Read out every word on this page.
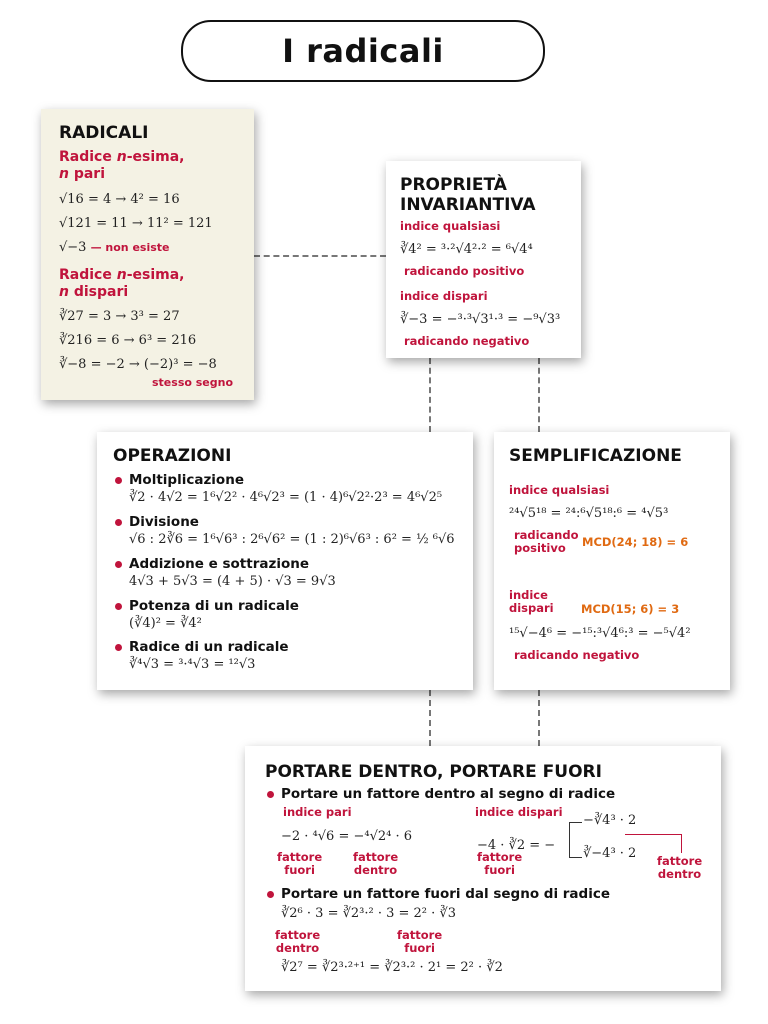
I radicali
RADICALI
Radice n-esima,
n pari
√16 = 4 → 4² = 16
√121 = 11 → 11² = 121
√−3 — non esiste
Radice n-esima,
n dispari
∛27 = 3 → 3³ = 27
∛216 = 6 → 6³ = 216
∛−8 = −2 → (−2)³ = −8
stesso segno
PROPRIETÀ
INVARIANTIVA
indice qualsiasi
∛4² = ³·²√4²·² = ⁶√4⁴
radicando positivo
indice dispari
∛−3 = −³·³√3¹·³ = −⁹√3³
radicando negativo
OPERAZIONI
Moltiplicazione
∛2 · 4√2 = 1⁶√2² · 4⁶√2³ = (1 · 4)⁶√2²·2³ = 4⁶√2⁵
Divisione
√6 : 2∛6 = 1⁶√6³ : 2⁶√6² = (1 : 2)⁶√6³ : 6² = ½ ⁶√6
Addizione e sottrazione
4√3 + 5√3 = (4 + 5) · √3 = 9√3
Potenza di un radicale
(∛4)² = ∛4²
Radice di un radicale
∛⁴√3 = ³·⁴√3 = ¹²√3
SEMPLIFICAZIONE
indice qualsiasi
²⁴√5¹⁸ = ²⁴:⁶√5¹⁸:⁶ = ⁴√5³
radicando
positivo	MCD(24; 18) = 6
indice
dispari MCD(15; 6) = 3
¹⁵√−4⁶ = −¹⁵:³√4⁶:³ = −⁵√4²
radicando negativo
PORTARE DENTRO, PORTARE FUORI
Portare un fattore dentro al segno di radice
indice pari
−2 · ⁴√6 = −⁴√2⁴ · 6
fattore
fuori
fattore
dentro
indice dispari
−4 · ∛2 = −
−∛4³ · 2
∛−4³ · 2
fattore
fuori
fattore
dentro
Portare un fattore fuori dal segno di radice
∛2⁶ · 3 = ∛2³·² · 3 = 2² · ∛3
fattore
dentro
fattore
fuori
∛2⁷ = ∛2³·²⁺¹ = ∛2³·² · 2¹ = 2² · ∛2
